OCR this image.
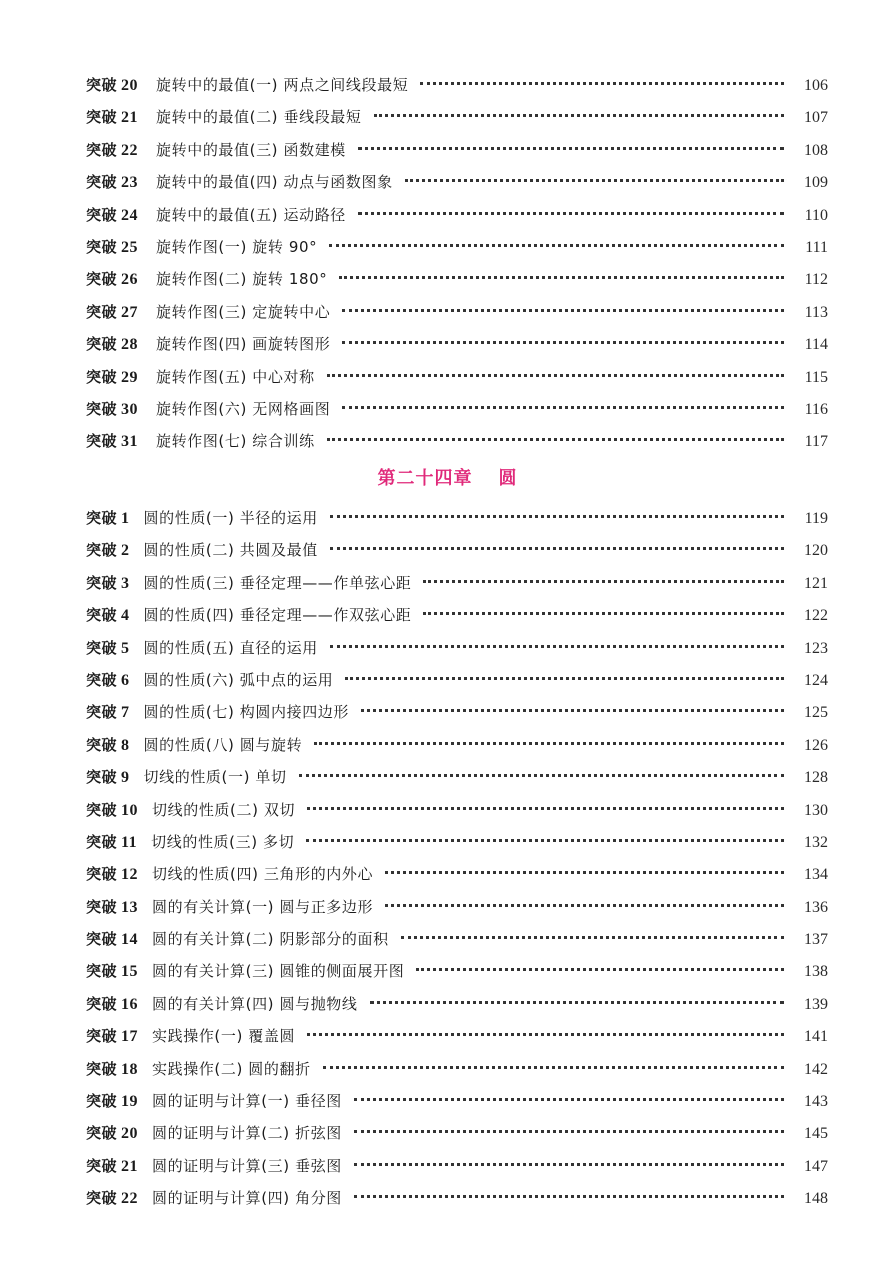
突破 20 旋转中的最值(一) 两点之间线段最短	106
突破 21 旋转中的最值(二) 垂线段最短	107
突破 22 旋转中的最值(三) 函数建模	108
突破 23 旋转中的最值(四) 动点与函数图象	109
突破 24 旋转中的最值(五) 运动路径	110
突破 25 旋转作图(一) 旋转 90°	111
突破 26 旋转作图(二) 旋转 180°	112
突破 27 旋转作图(三) 定旋转中心	113
突破 28 旋转作图(四) 画旋转图形	114
突破 29 旋转作图(五) 中心对称	115
突破 30 旋转作图(六) 无网格画图	116
突破 31 旋转作图(七) 综合训练	117
第二十四章 圆
突破 1 圆的性质(一) 半径的运用	119
突破 2 圆的性质(二) 共圆及最值	120
突破 3 圆的性质(三) 垂径定理——作单弦心距	121
突破 4 圆的性质(四) 垂径定理——作双弦心距	122
突破 5 圆的性质(五) 直径的运用	123
突破 6 圆的性质(六) 弧中点的运用	124
突破 7 圆的性质(七) 构圆内接四边形	125
突破 8 圆的性质(八) 圆与旋转	126
突破 9 切线的性质(一) 单切	128
突破 10 切线的性质(二) 双切	130
突破 11 切线的性质(三) 多切	132
突破 12 切线的性质(四) 三角形的内外心	134
突破 13 圆的有关计算(一) 圆与正多边形	136
突破 14 圆的有关计算(二) 阴影部分的面积	137
突破 15 圆的有关计算(三) 圆锥的侧面展开图	138
突破 16 圆的有关计算(四) 圆与抛物线	139
突破 17 实践操作(一) 覆盖圆	141
突破 18 实践操作(二) 圆的翻折	142
突破 19 圆的证明与计算(一) 垂径图	143
突破 20 圆的证明与计算(二) 折弦图	145
突破 21 圆的证明与计算(三) 垂弦图	147
突破 22 圆的证明与计算(四) 角分图	148
